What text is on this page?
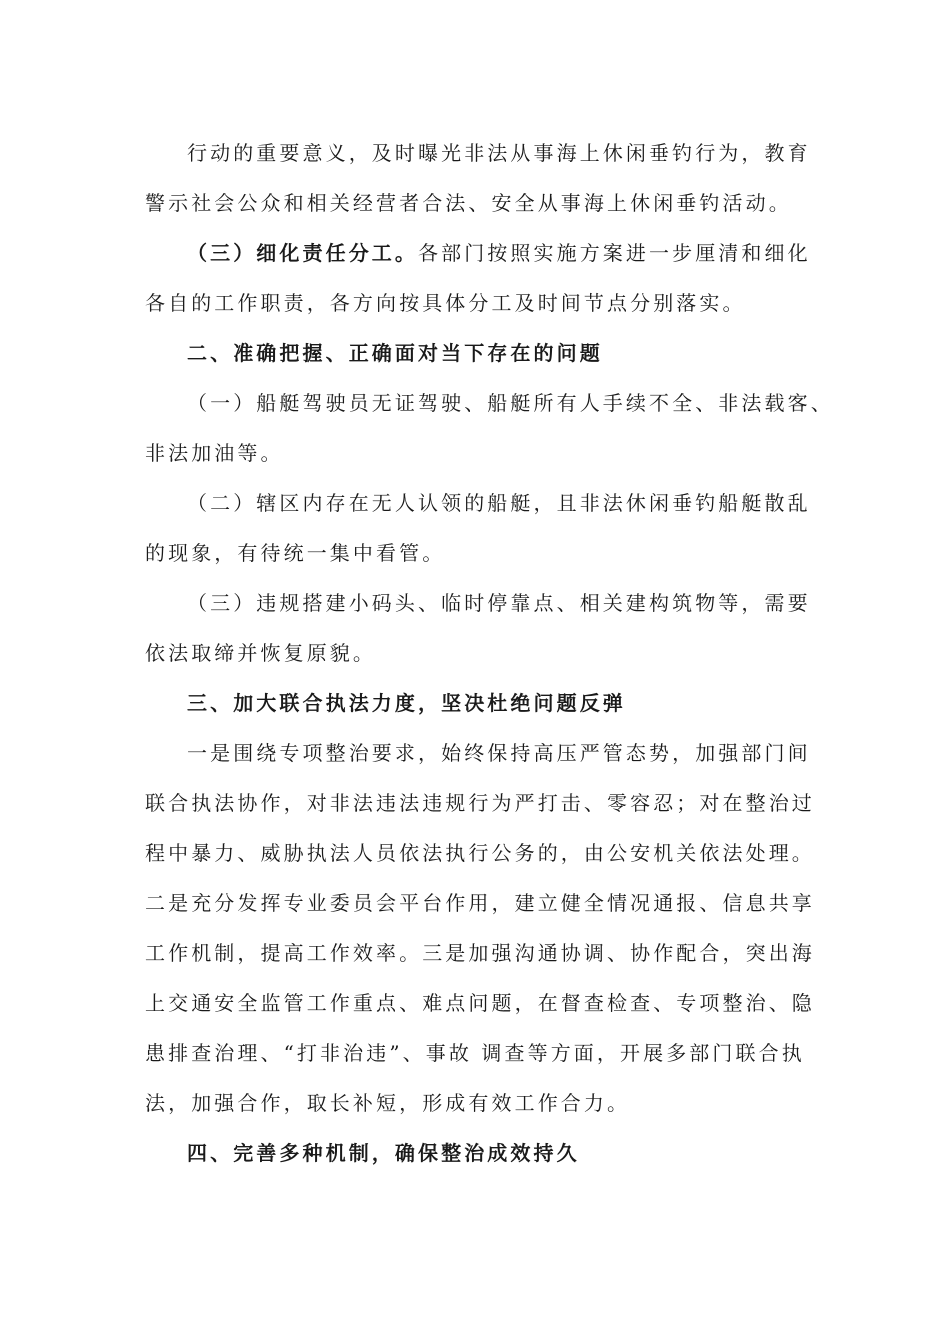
行动的重要意义，及时曝光非法从事海上休闲垂钓行为，教育
警示社会公众和相关经营者合法、安全从事海上休闲垂钓活动。
（三）细化责任分工。各部门按照实施方案进一步厘清和细化
各自的工作职责，各方向按具体分工及时间节点分别落实。
二、准确把握、正确面对当下存在的问题
（一）船艇驾驶员无证驾驶、船艇所有人手续不全、非法载客、
非法加油等。
（二）辖区内存在无人认领的船艇，且非法休闲垂钓船艇散乱
的现象，有待统一集中看管。
（三）违规搭建小码头、临时停靠点、相关建构筑物等，需要
依法取缔并恢复原貌。
三、加大联合执法力度，坚决杜绝问题反弹
一是围绕专项整治要求，始终保持高压严管态势，加强部门间
联合执法协作，对非法违法违规行为严打击、零容忍；对在整治过
程中暴力、威胁执法人员依法执行公务的，由公安机关依法处理。
二是充分发挥专业委员会平台作用，建立健全情况通报、信息共享
工作机制，提高工作效率。三是加强沟通协调、协作配合，突出海
上交通安全监管工作重点、难点问题，在督查检查、专项整治、隐
患排查治理、“打非治违”、事故 调查等方面，开展多部门联合执
法，加强合作，取长补短，形成有效工作合力。
四、完善多种机制，确保整治成效持久
